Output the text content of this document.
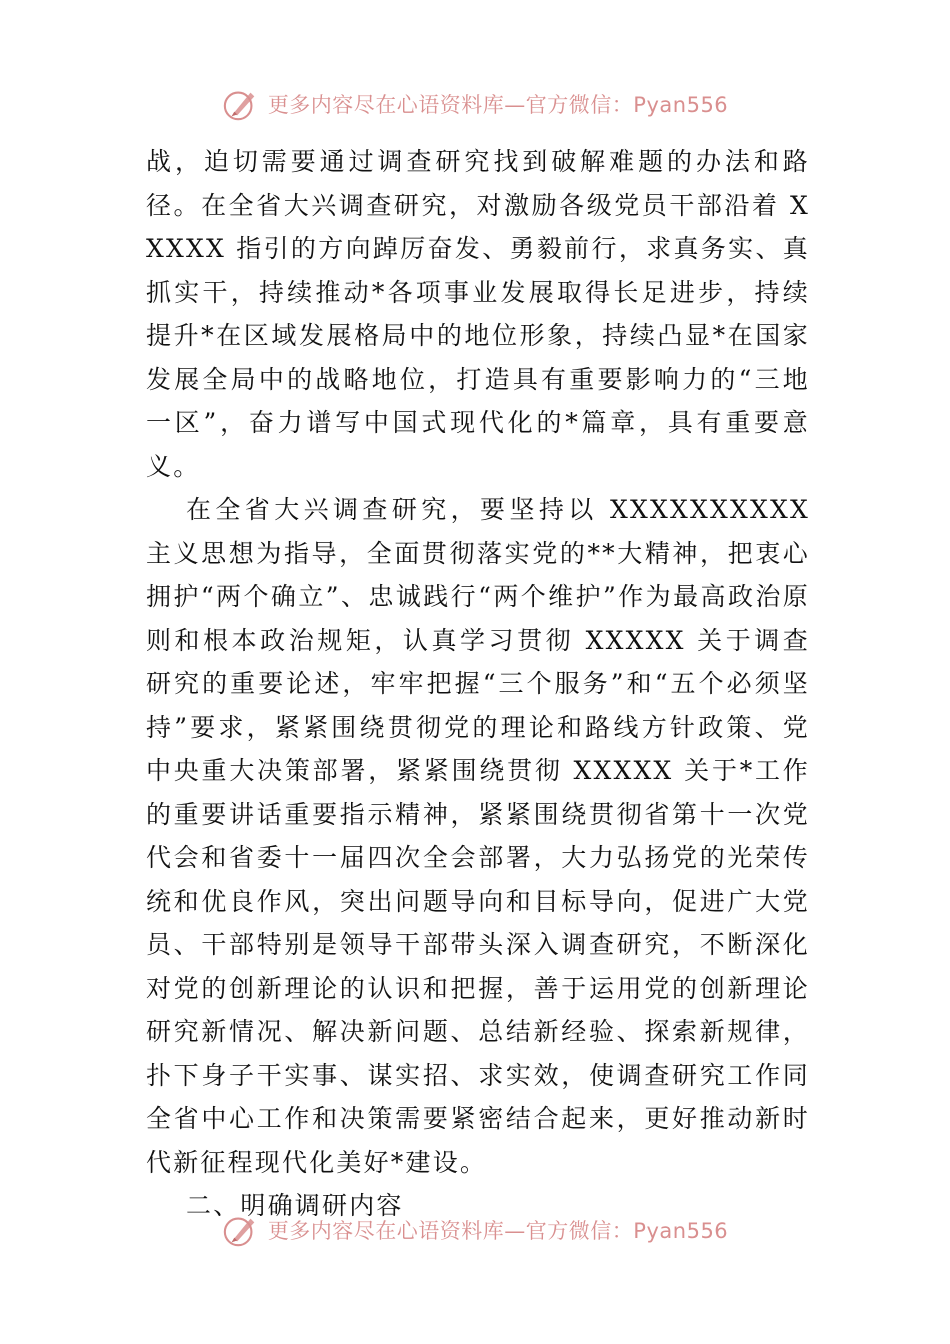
更多内容尽在心语资料库—官方微信：Pyan556

战，迫切需要通过调查研究找到破解难题的办法和路径。在全省大兴调查研究，对激励各级党员干部沿着 XXXXX 指引的方向踔厉奋发、勇毅前行，求真务实、真抓实干，持续推动*各项事业发展取得长足进步，持续提升*在区域发展格局中的地位形象，持续凸显*在国家发展全局中的战略地位，打造具有重要影响力的“三地一区”，奋力谱写中国式现代化的*篇章，具有重要意义。

在全省大兴调查研究，要坚持以 XXXXXXXXXX 主义思想为指导，全面贯彻落实党的**大精神，把衷心拥护“两个确立”、忠诚践行“两个维护”作为最高政治原则和根本政治规矩，认真学习贯彻 XXXXX 关于调查研究的重要论述，牢牢把握“三个服务”和“五个必须坚持”要求，紧紧围绕贯彻党的理论和路线方针政策、党中央重大决策部署，紧紧围绕贯彻 XXXXX 关于*工作的重要讲话重要指示精神，紧紧围绕贯彻省第十一次党代会和省委十一届四次全会部署，大力弘扬党的光荣传统和优良作风，突出问题导向和目标导向，促进广大党员、干部特别是领导干部带头深入调查研究，不断深化对党的创新理论的认识和把握，善于运用党的创新理论研究新情况、解决新问题、总结新经验、探索新规律，扑下身子干实事、谋实招、求实效，使调查研究工作同全省中心工作和决策需要紧密结合起来，更好推动新时代新征程现代化美好*建设。

二、明确调研内容

更多内容尽在心语资料库—官方微信：Pyan556
